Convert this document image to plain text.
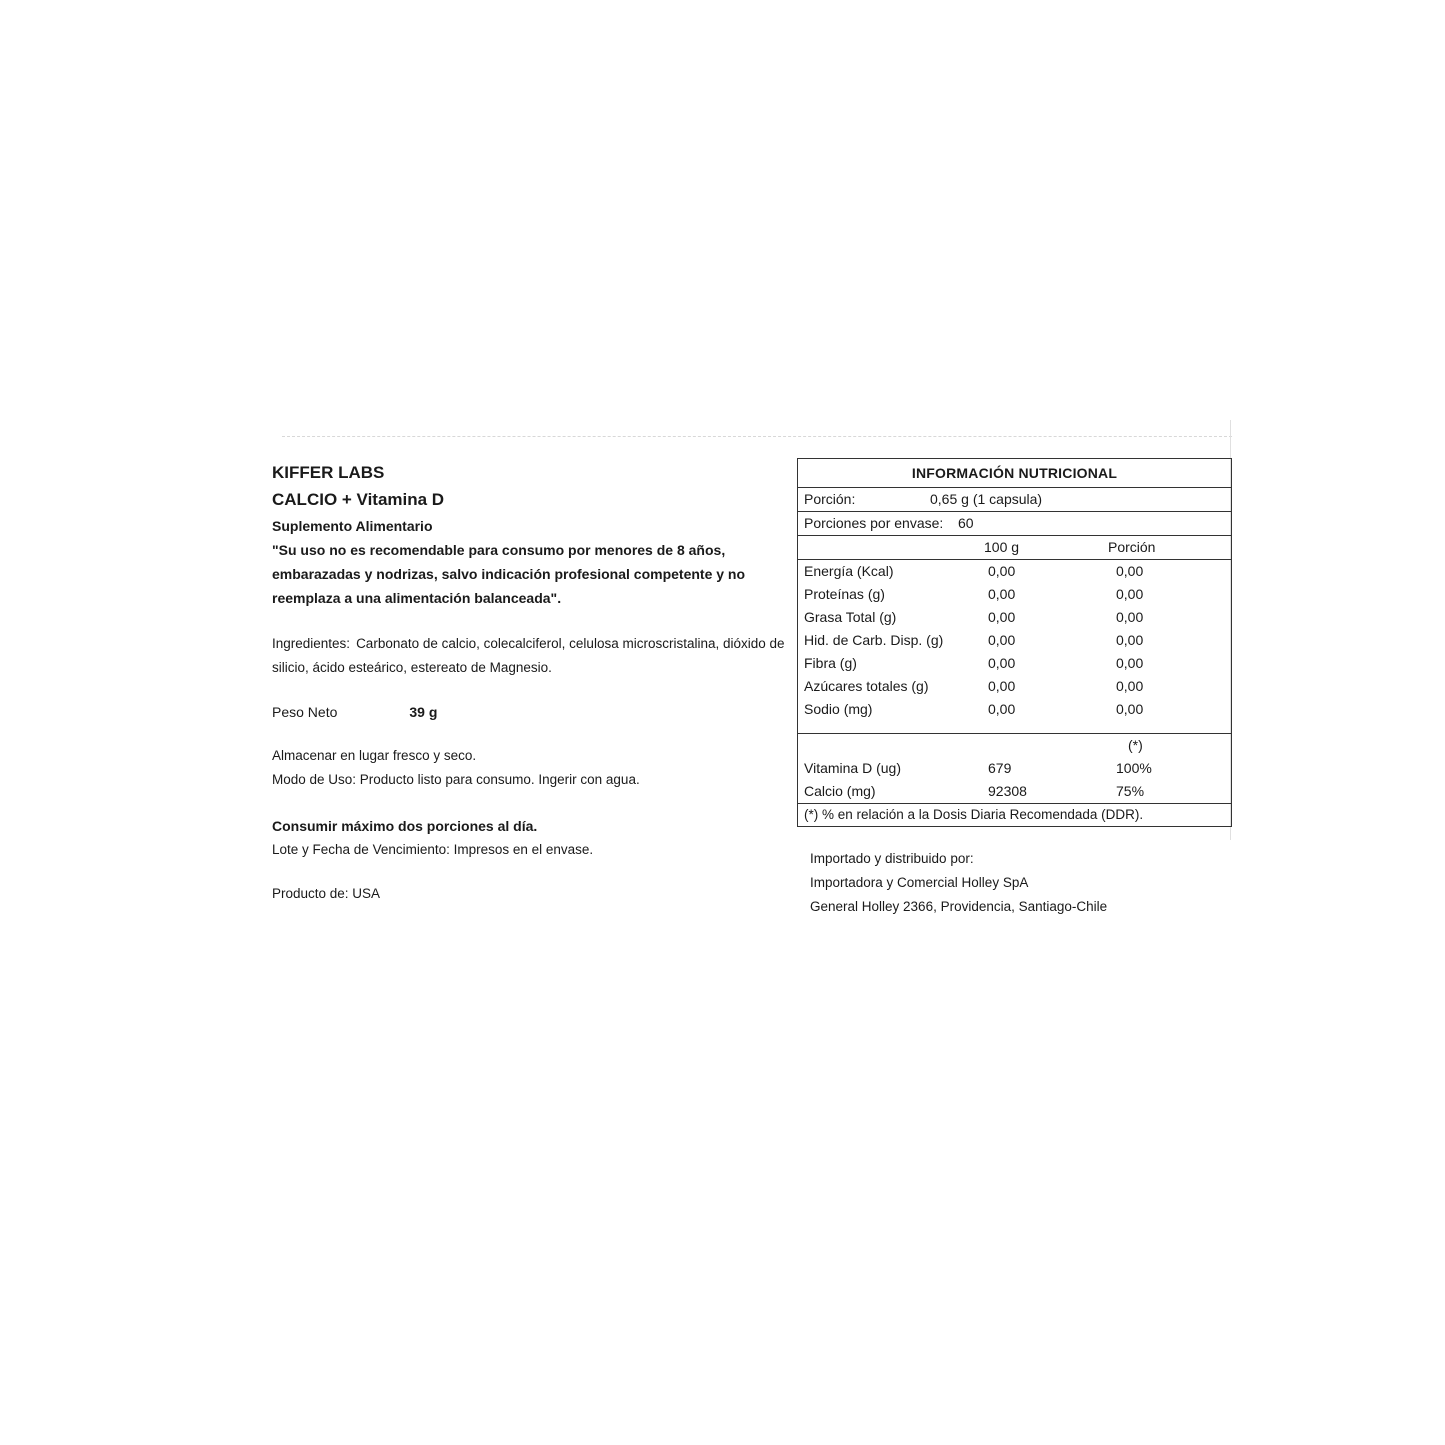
KIFFER LABS

CALCIO + Vitamina D

Suplemento Alimentario

"Su uso no es recomendable para consumo por menores de 8 años, embarazadas y nodrizas, salvo indicación profesional competente y no reemplaza a una alimentación balanceada".

Ingredientes: Carbonato de calcio, colecalciferol, celulosa microscristalina, dióxido de silicio, ácido esteárico, estereato de Magnesio.

Peso Neto	39 g

Almacenar en lugar fresco y seco.
Modo de Uso: Producto listo para consumo. Ingerir con agua.

Consumir máximo dos porciones al día.

Lote y Fecha de Vencimiento: Impresos en el envase.

Producto de: USA

INFORMACIÓN NUTRICIONAL
Porción:	0,65 g (1 capsula)
Porciones por envase: 60
100 g	Porción
Energía (Kcal)	0,00	0,00
Proteínas (g)	0,00	0,00
Grasa Total (g)	0,00	0,00
Hid. de Carb. Disp. (g)	0,00	0,00
Fibra (g)	0,00	0,00
Azúcares totales (g)	0,00	0,00
Sodio (mg)	0,00	0,00
(*)
Vitamina D (ug)	679	100%
Calcio (mg)	92308	75%
(*) % en relación a la Dosis Diaria Recomendada (DDR).

Importado y distribuido por:

Importadora y Comercial Holley SpA

General Holley 2366, Providencia, Santiago-Chile
